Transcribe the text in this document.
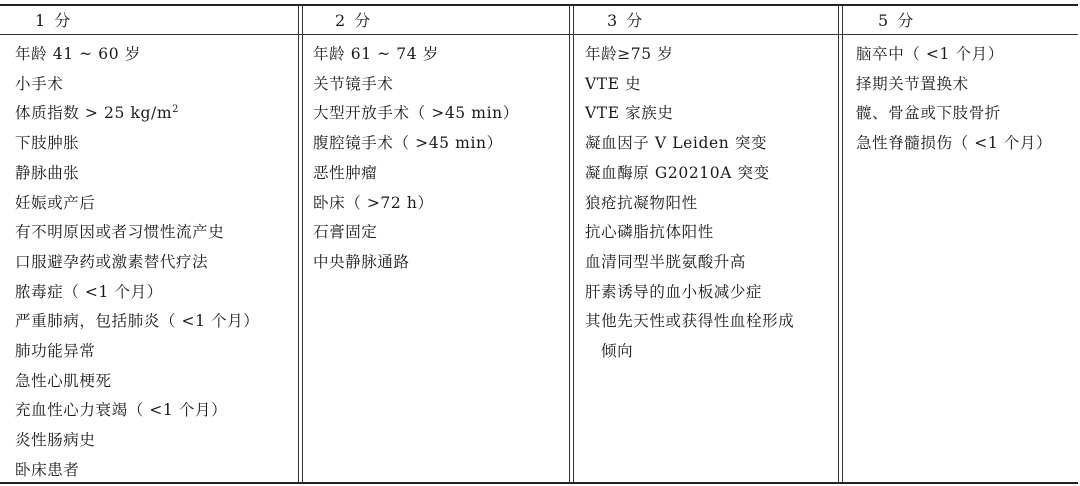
1 分
年龄 41 ~ 60 岁
小手术
体质指数 > 25 $kg/m^2$
下肢肿胀
静脉曲张
妊娠或产后
有不明原因或者习惯性流产史
口服避孕药或激素替代疗法
脓毒症（ <1 个月）
严重肺病，包括肺炎（ <1 个月）
肺功能异常
急性心肌梗死
充血性心力衰竭（ <1 个月）
炎性肠病史
卧床患者
2 分
年龄 61 ~ 74 岁
关节镜手术
大型开放手术（ >45 min）
腹腔镜手术（ >45 min）
恶性肿瘤
卧床（ >72 h）
石膏固定
中央静脉通路
3 分
年龄≥75 岁
VTE 史
VTE 家族史
凝血因子 V Leiden 突变
凝血酶原 G20210A 突变
狼疮抗凝物阳性
抗心磷脂抗体阳性
血清同型半胱氨酸升高
肝素诱导的血小板减少症
其他先天性或获得性血栓形成
倾向
5 分
脑卒中（ <1 个月）
择期关节置换术
髋、骨盆或下肢骨折
急性脊髓损伤（ <1 个月）
